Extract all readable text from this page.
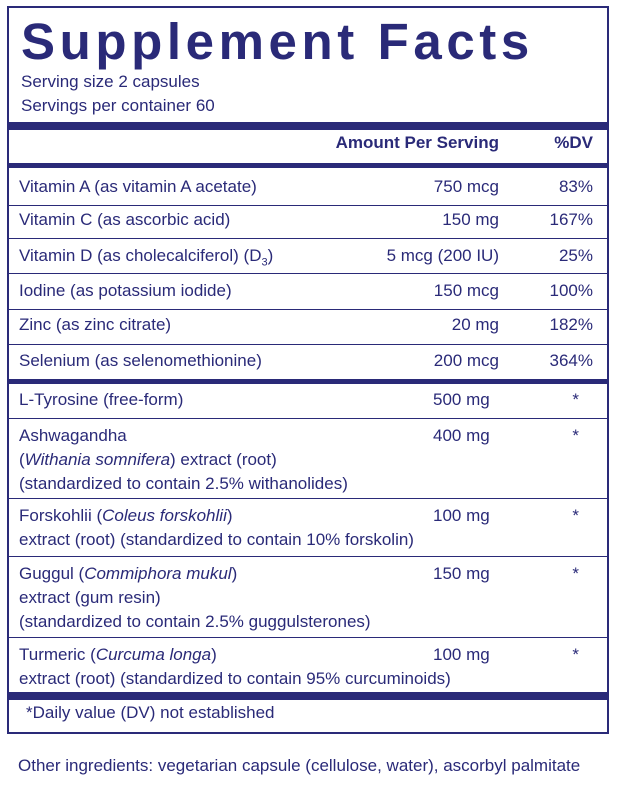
Supplement Facts
Serving size 2 capsules
Servings per container 60
Amount Per Serving	%DV
Vitamin A (as vitamin A acetate)	750 mcg	83%
Vitamin C (as ascorbic acid)	150 mg	167%
Vitamin D (as cholecalciferol) $(D_3)$	5 mcg (200 IU)	25%
Iodine (as potassium iodide)	150 mcg	100%
Zinc (as zinc citrate)	20 mg	182%
Selenium (as selenomethionine)	200 mcg	364%
L-Tyrosine (free-form)	500 mg	*
Ashwagandha
(Withania somnifera) extract (root)
(standardized to contain 2.5% withanolides)
400 mg	*
Forskohlii (Coleus forskohlii)
extract (root) (standardized to contain 10% forskolin)
100 mg	*
Guggul (Commiphora mukul)
extract (gum resin)
(standardized to contain 2.5% guggulsterones)
150 mg	*
Turmeric (Curcuma longa)
extract (root) (standardized to contain 95% curcuminoids)
100 mg	*
*Daily value (DV) not established
Other ingredients: vegetarian capsule (cellulose, water), ascorbyl palmitate
